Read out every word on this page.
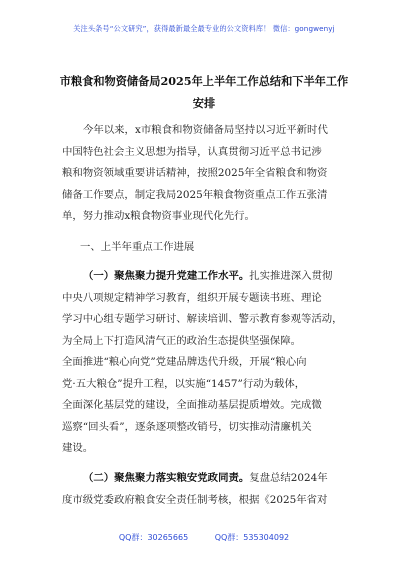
关注头条号“公文研究”，获得最新最全最专业的公文资料库！ 微信：gongwenyj
市粮食和物资储备局2025年上半年工作总结和下半年工作
安排

今年以来，x市粮食和物资储备局坚持以习近平新时代
中国特色社会主义思想为指导，认真贯彻习近平总书记涉
粮和物资领域重要讲话精神，按照2025年全省粮食和物资
储备工作要点，制定我局2025年粮食物资重点工作五张清
单，努力推动x粮食物资事业现代化先行。

一、上半年重点工作进展

（一）聚焦聚力提升党建工作水平。扎实推进深入贯彻
中央八项规定精神学习教育，组织开展专题读书班、理论
学习中心组专题学习研讨、解读培训、警示教育参观等活动，
为全局上下打造风清气正的政治生态提供坚强保障。
全面推进“粮心向党”党建品牌迭代升级，开展“粮心向
党·五大粮仓”提升工程，以实施“1457”行动为载体，
全面深化基层党的建设，全面推动基层提质增效。完成微
巡察“回头看”，逐条逐项整改销号，切实推动清廉机关
建设。

（二）聚焦聚力落实粮安党政同责。复盘总结2024年
度市级党委政府粮食安全责任制考核，根据《2025年省对

QQ群：30265665	QQ群：535304092
